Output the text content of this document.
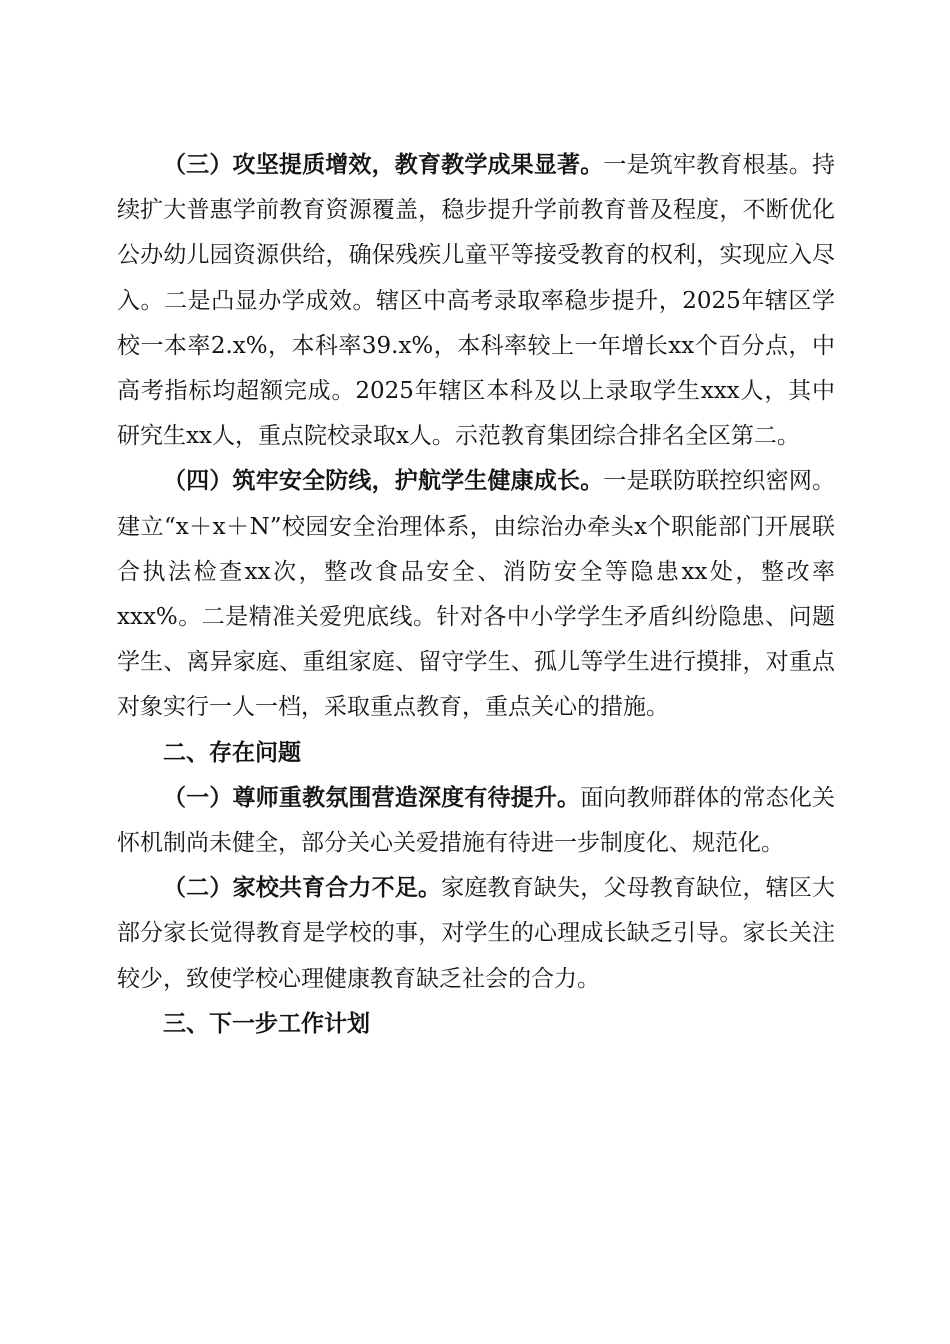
（三）攻坚提质增效，教育教学成果显著。一是筑牢教育根基。持续扩大普惠学前教育资源覆盖，稳步提升学前教育普及程度，不断优化公办幼儿园资源供给，确保残疾儿童平等接受教育的权利，实现应入尽入。二是凸显办学成效。辖区中高考录取率稳步提升，2025年辖区学校一本率2.x%，本科率39.x%，本科率较上一年增长xx个百分点，中高考指标均超额完成。2025年辖区本科及以上录取学生xxx人，其中研究生xx人，重点院校录取x人。示范教育集团综合排名全区第二。

（四）筑牢安全防线，护航学生健康成长。一是联防联控织密网。建立“x＋x＋N”校园安全治理体系，由综治办牵头x个职能部门开展联合执法检查xx次，整改食品安全、消防安全等隐患xx处，整改率xxx%。二是精准关爱兜底线。针对各中小学学生矛盾纠纷隐患、问题学生、离异家庭、重组家庭、留守学生、孤儿等学生进行摸排，对重点对象实行一人一档，采取重点教育，重点关心的措施。

二、存在问题

（一）尊师重教氛围营造深度有待提升。面向教师群体的常态化关怀机制尚未健全，部分关心关爱措施有待进一步制度化、规范化。

（二）家校共育合力不足。家庭教育缺失，父母教育缺位，辖区大部分家长觉得教育是学校的事，对学生的心理成长缺乏引导。家长关注较少，致使学校心理健康教育缺乏社会的合力。

三、下一步工作计划
